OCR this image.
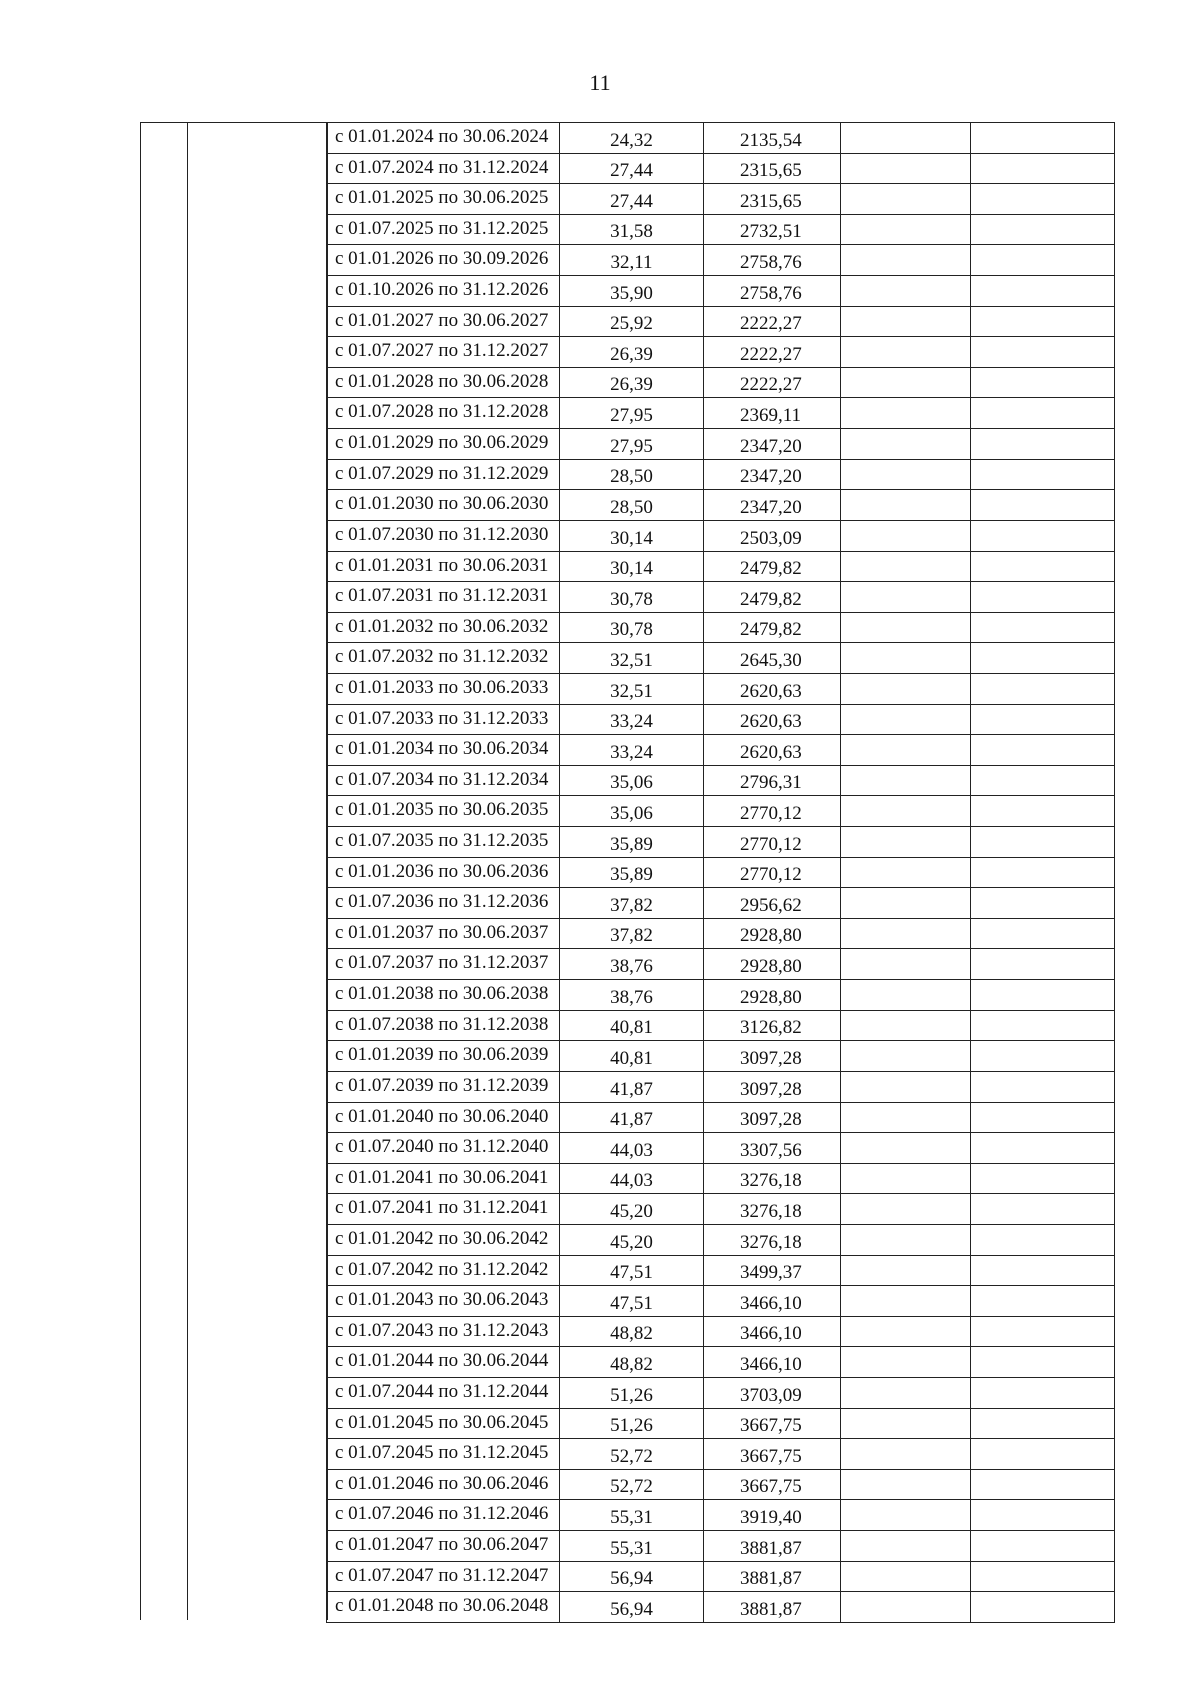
11
с 01.01.2024 по 30.06.2024	24,32	2135,54		
с 01.07.2024 по 31.12.2024	27,44	2315,65		
с 01.01.2025 по 30.06.2025	27,44	2315,65		
с 01.07.2025 по 31.12.2025	31,58	2732,51		
с 01.01.2026 по 30.09.2026	32,11	2758,76		
с 01.10.2026 по 31.12.2026	35,90	2758,76		
с 01.01.2027 по 30.06.2027	25,92	2222,27		
с 01.07.2027 по 31.12.2027	26,39	2222,27		
с 01.01.2028 по 30.06.2028	26,39	2222,27		
с 01.07.2028 по 31.12.2028	27,95	2369,11		
с 01.01.2029 по 30.06.2029	27,95	2347,20		
с 01.07.2029 по 31.12.2029	28,50	2347,20		
с 01.01.2030 по 30.06.2030	28,50	2347,20		
с 01.07.2030 по 31.12.2030	30,14	2503,09		
с 01.01.2031 по 30.06.2031	30,14	2479,82		
с 01.07.2031 по 31.12.2031	30,78	2479,82		
с 01.01.2032 по 30.06.2032	30,78	2479,82		
с 01.07.2032 по 31.12.2032	32,51	2645,30		
с 01.01.2033 по 30.06.2033	32,51	2620,63		
с 01.07.2033 по 31.12.2033	33,24	2620,63		
с 01.01.2034 по 30.06.2034	33,24	2620,63		
с 01.07.2034 по 31.12.2034	35,06	2796,31		
с 01.01.2035 по 30.06.2035	35,06	2770,12		
с 01.07.2035 по 31.12.2035	35,89	2770,12		
с 01.01.2036 по 30.06.2036	35,89	2770,12		
с 01.07.2036 по 31.12.2036	37,82	2956,62		
с 01.01.2037 по 30.06.2037	37,82	2928,80		
с 01.07.2037 по 31.12.2037	38,76	2928,80		
с 01.01.2038 по 30.06.2038	38,76	2928,80		
с 01.07.2038 по 31.12.2038	40,81	3126,82		
с 01.01.2039 по 30.06.2039	40,81	3097,28		
с 01.07.2039 по 31.12.2039	41,87	3097,28		
с 01.01.2040 по 30.06.2040	41,87	3097,28		
с 01.07.2040 по 31.12.2040	44,03	3307,56		
с 01.01.2041 по 30.06.2041	44,03	3276,18		
с 01.07.2041 по 31.12.2041	45,20	3276,18		
с 01.01.2042 по 30.06.2042	45,20	3276,18		
с 01.07.2042 по 31.12.2042	47,51	3499,37		
с 01.01.2043 по 30.06.2043	47,51	3466,10		
с 01.07.2043 по 31.12.2043	48,82	3466,10		
с 01.01.2044 по 30.06.2044	48,82	3466,10		
с 01.07.2044 по 31.12.2044	51,26	3703,09		
с 01.01.2045 по 30.06.2045	51,26	3667,75		
с 01.07.2045 по 31.12.2045	52,72	3667,75		
с 01.01.2046 по 30.06.2046	52,72	3667,75		
с 01.07.2046 по 31.12.2046	55,31	3919,40		
с 01.01.2047 по 30.06.2047	55,31	3881,87		
с 01.07.2047 по 31.12.2047	56,94	3881,87		
с 01.01.2048 по 30.06.2048	56,94	3881,87		
